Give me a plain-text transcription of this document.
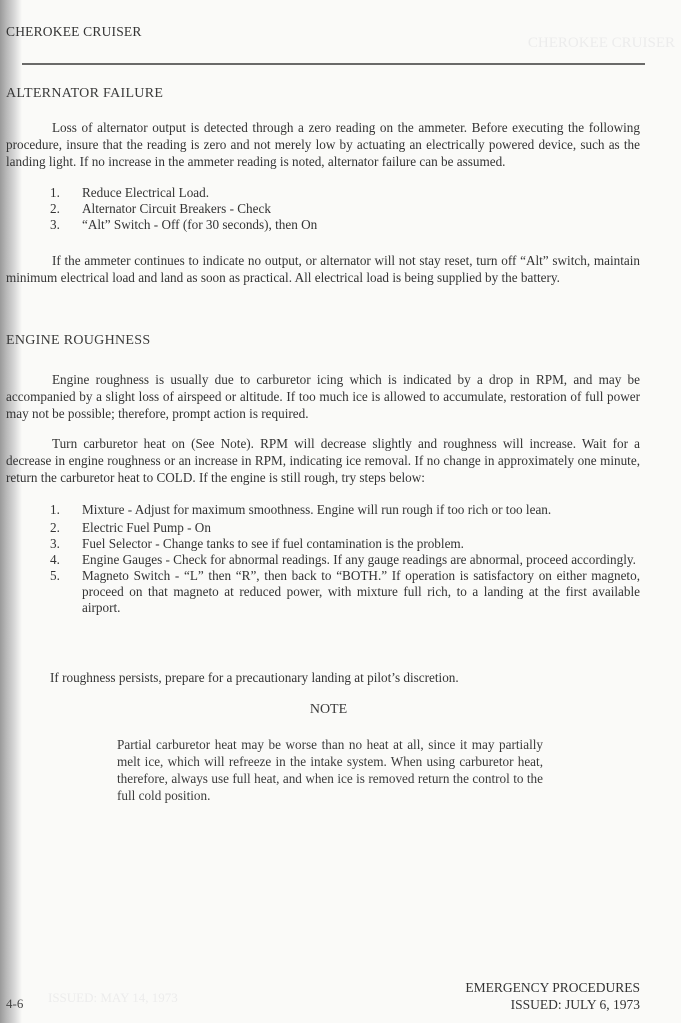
CHEROKEE CRUISER
CHEROKEE CRUISER
ALTERNATOR FAILURE
Loss of alternator output is detected through a zero reading on the ammeter. Before executing the following procedure, insure that the reading is zero and not merely low by actuating an electrically powered device, such as the landing light. If no increase in the ammeter reading is noted, alternator failure can be assumed.
1.	Reduce Electrical Load.
2.	Alternator Circuit Breakers - Check
3.	“Alt” Switch - Off (for 30 seconds), then On
If the ammeter continues to indicate no output, or alternator will not stay reset, turn off “Alt” switch, maintain minimum electrical load and land as soon as practical. All electrical load is being supplied by the battery.
ENGINE ROUGHNESS
Engine roughness is usually due to carburetor icing which is indicated by a drop in RPM, and may be accompanied by a slight loss of airspeed or altitude. If too much ice is allowed to accumulate, restoration of full power may not be possible; therefore, prompt action is required.
Turn carburetor heat on (See Note). RPM will decrease slightly and roughness will increase. Wait for a decrease in engine roughness or an increase in RPM, indicating ice removal. If no change in approximately one minute, return the carburetor heat to COLD. If the engine is still rough, try steps below:
1.	Mixture - Adjust for maximum smoothness. Engine will run rough if too rich or too lean.
2.	Electric Fuel Pump - On
3.	Fuel Selector - Change tanks to see if fuel contamination is the problem.
4.	Engine Gauges - Check for abnormal readings. If any gauge readings are abnormal, proceed accordingly.
5.	Magneto Switch - “L” then “R”, then back to “BOTH.” If operation is satisfactory on either magneto, proceed on that magneto at reduced power, with mixture full rich, to a landing at the first available airport.
If roughness persists, prepare for a precautionary landing at pilot’s discretion.
NOTE
Partial carburetor heat may be worse than no heat at all, since it may partially melt ice, which will refreeze in the intake system. When using carburetor heat, therefore, always use full heat, and when ice is removed return the control to the full cold position.
ISSUED: MAY 14, 1973
4-6
EMERGENCY PROCEDURES
ISSUED: JULY 6, 1973
